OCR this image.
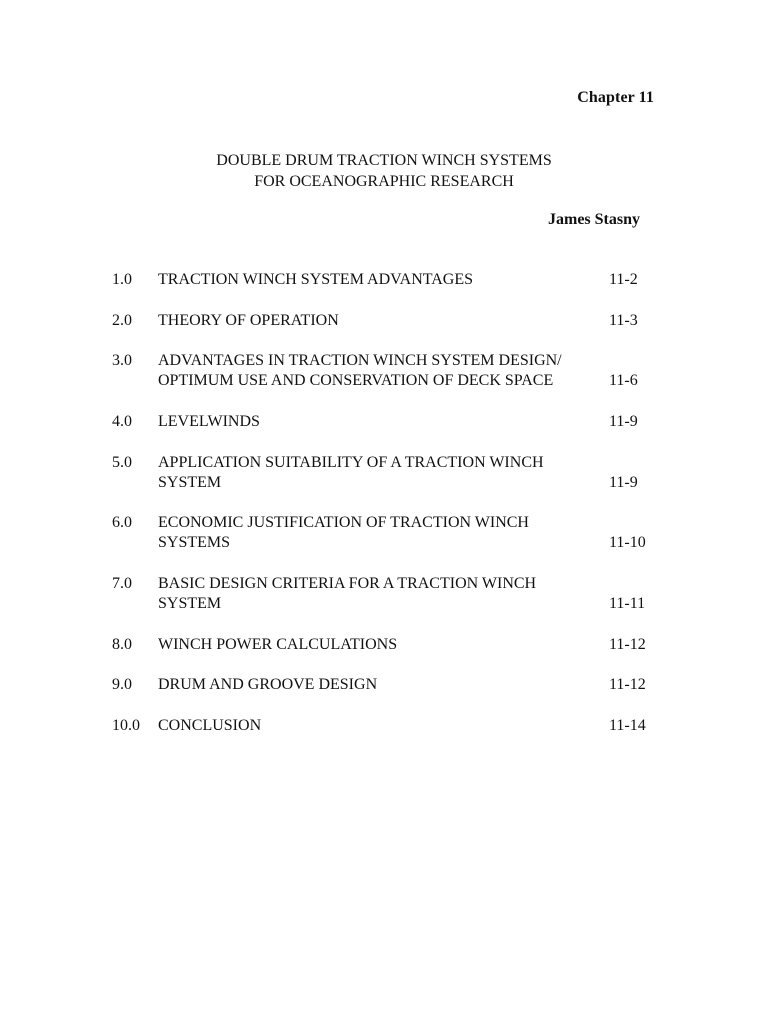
Chapter 11
DOUBLE DRUM TRACTION WINCH SYSTEMS
FOR OCEANOGRAPHIC RESEARCH
James Stasny
1.0	TRACTION WINCH SYSTEM ADVANTAGES	11-2
2.0	THEORY OF OPERATION	11-3
3.0	ADVANTAGES IN TRACTION WINCH SYSTEM DESIGN/
OPTIMUM USE AND CONSERVATION OF DECK SPACE	11-6
4.0	LEVELWINDS	11-9
5.0	APPLICATION SUITABILITY OF A TRACTION WINCH
SYSTEM	11-9
6.0	ECONOMIC JUSTIFICATION OF TRACTION WINCH
SYSTEMS	11-10
7.0	BASIC DESIGN CRITERIA FOR A TRACTION WINCH
SYSTEM	11-11
8.0	WINCH POWER CALCULATIONS	11-12
9.0	DRUM AND GROOVE DESIGN	11-12
10.0	CONCLUSION	11-14
